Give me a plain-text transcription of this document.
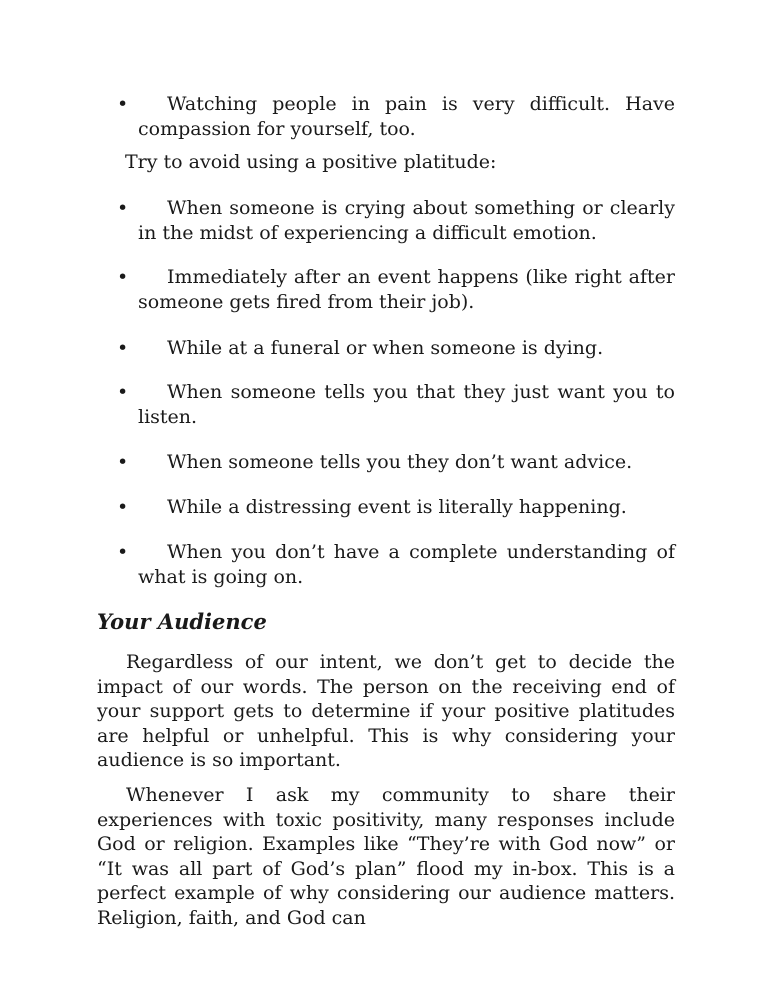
•	Watching people in pain is very difficult. Have compassion for yourself, too.
Try to avoid using a positive platitude:
•	When someone is crying about something or clearly in the midst of experiencing a difficult emotion.
•	Immediately after an event happens (like right after someone gets fired from their job).
•	While at a funeral or when someone is dying.
•	When someone tells you that they just want you to listen.
•	When someone tells you they don’t want advice.
•	While a distressing event is literally happening.
•	When you don’t have a complete understanding of what is going on.
Your Audience
Regardless of our intent, we don’t get to decide the impact of our words. The person on the receiving end of your support gets to determine if your positive platitudes are helpful or unhelpful. This is why considering your audience is so important.
Whenever I ask my community to share their experiences with toxic positivity, many responses include God or religion. Examples like “They’re with God now” or “It was all part of God’s plan” flood my in-box. This is a perfect example of why considering our audience matters. Religion, faith, and God can
